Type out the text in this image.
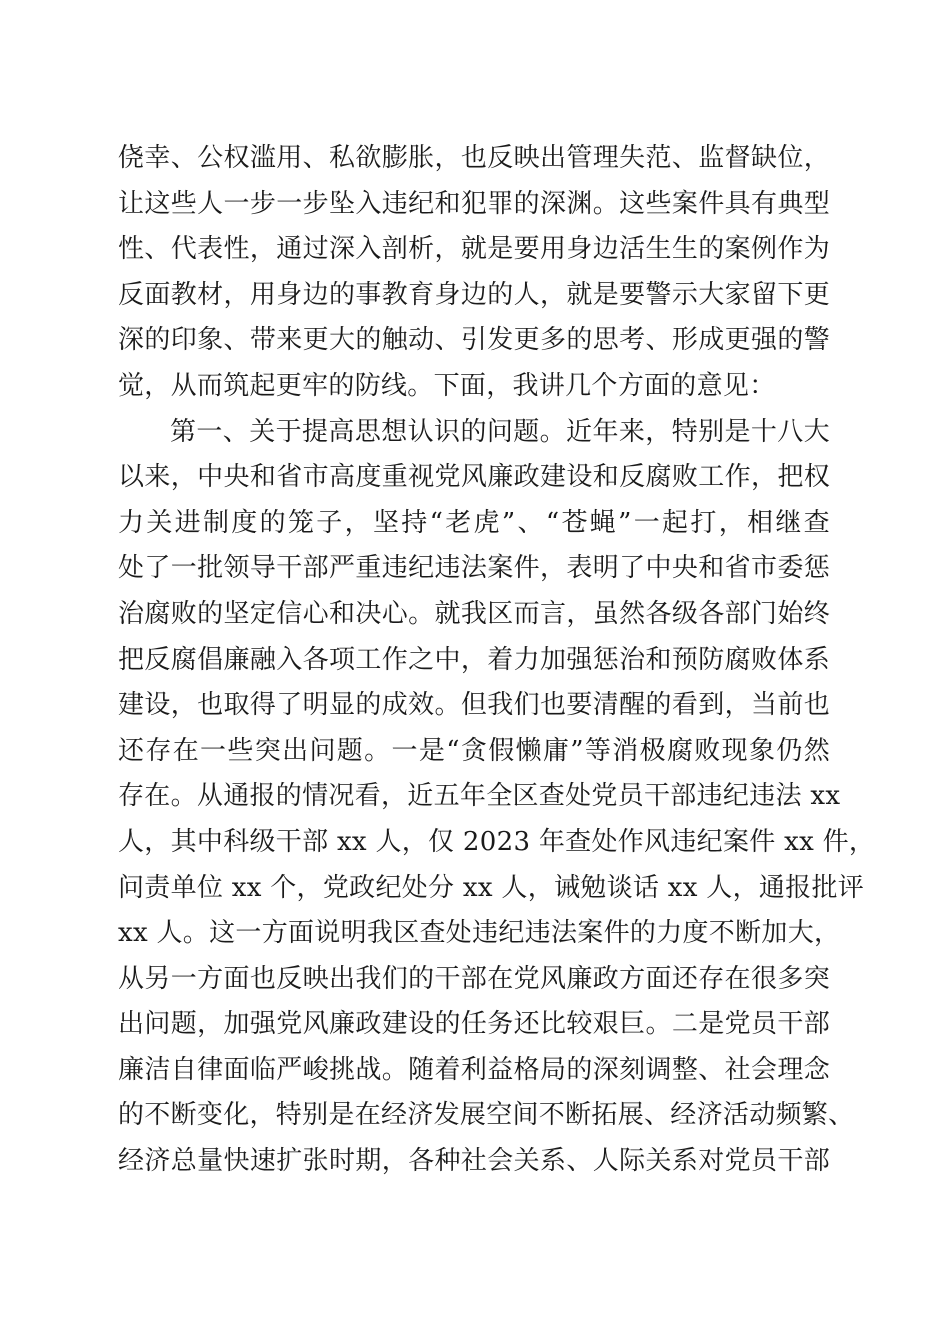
侥幸、公权滥用、私欲膨胀，也反映出管理失范、监督缺位，
让这些人一步一步坠入违纪和犯罪的深渊。这些案件具有典型
性、代表性，通过深入剖析，就是要用身边活生生的案例作为
反面教材，用身边的事教育身边的人，就是要警示大家留下更
深的印象、带来更大的触动、引发更多的思考、形成更强的警
觉，从而筑起更牢的防线。下面，我讲几个方面的意见：
第一、关于提高思想认识的问题。近年来，特别是十八大
以来，中央和省市高度重视党风廉政建设和反腐败工作，把权
力关进制度的笼子，坚持“老虎”、“苍蝇”一起打，相继查
处了一批领导干部严重违纪违法案件，表明了中央和省市委惩
治腐败的坚定信心和决心。就我区而言，虽然各级各部门始终
把反腐倡廉融入各项工作之中，着力加强惩治和预防腐败体系
建设，也取得了明显的成效。但我们也要清醒的看到，当前也
还存在一些突出问题。一是“贪假懒庸”等消极腐败现象仍然
存在。从通报的情况看，近五年全区查处党员干部违纪违法 xx
人，其中科级干部 xx 人，仅 2023 年查处作风违纪案件 xx 件，
问责单位 xx 个，党政纪处分 xx 人，诫勉谈话 xx 人，通报批评
xx 人。这一方面说明我区查处违纪违法案件的力度不断加大，
从另一方面也反映出我们的干部在党风廉政方面还存在很多突
出问题，加强党风廉政建设的任务还比较艰巨。二是党员干部
廉洁自律面临严峻挑战。随着利益格局的深刻调整、社会理念
的不断变化，特别是在经济发展空间不断拓展、经济活动频繁、
经济总量快速扩张时期，各种社会关系、人际关系对党员干部
